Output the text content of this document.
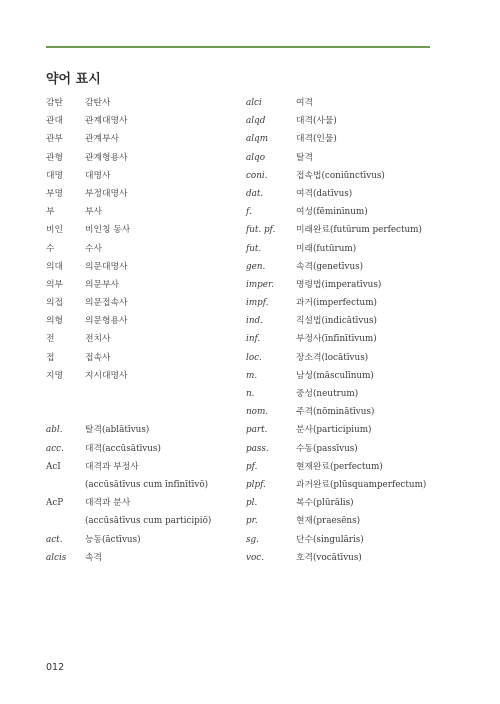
약어 표시
감탄	감탄사
관대	관계대명사
관부	관계부사
관형	관계형용사
대명	대명사
부명	부정대명사
부	부사
비인	비인칭 동사
수	수사
의대	의문대명사
의부	의문부사
의접	의문접속사
의형	의문형용사
전	전치사
접	접속사
지명	지시대명사
abl.	탈격(ablātīvus)
acc. 대격(accūsātīvus)
AcI	대격과 부정사
(accūsātīvus cum īnfīnītīvō)
AcP 대격과 분사
(accūsātīvus cum participiō)
act.	능동(āctīvus)
alcis 속격
alci	여격
alqd	대격(사물)
alqm	대격(인물)
alqo	탈격
coni.	접속법(coniūnctīvus)
dat.	여격(datīvus)
f.	여성(fēminīnum)
fut. pf. 미래완료(futūrum perfectum)
fut.	미래(futūrum)
gen.	속격(genetīvus)
imper. 명령법(imperatīvus)
impf.	과거(imperfectum)
ind.	직설법(indicātīvus)
inf.	부정사(īnfīnītīvum)
loc.	장소격(locātīvus)
m.	남성(māsculīnum)
n.	중성(neutrum)
nom.	주격(nōminātīvus)
part.	분사(participium)
pass.	수동(passīvus)
pf.	현재완료(perfectum)
plpf.	과거완료(plūsquamperfectum)
pl.	복수(plūrālis)
pr.	현재(praesēns)
sg.	단수(singulāris)
voc.	호격(vocātīvus)
012
